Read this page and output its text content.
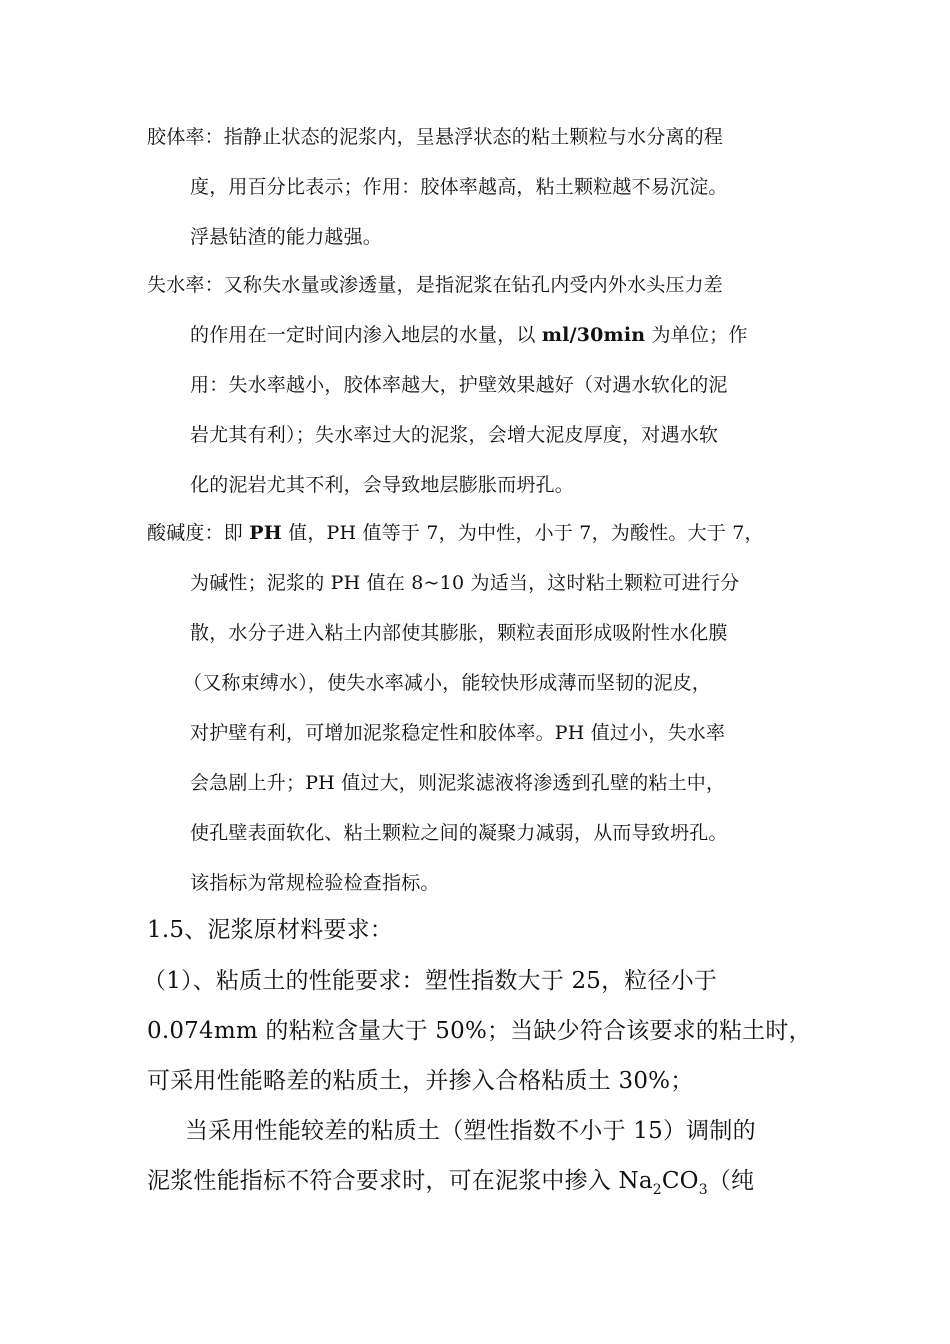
胶体率：指静止状态的泥浆内，呈悬浮状态的粘土颗粒与水分离的程
度，用百分比表示；作用：胶体率越高，粘土颗粒越不易沉淀。
浮悬钻渣的能力越强。
失水率：又称失水量或渗透量，是指泥浆在钻孔内受内外水头压力差
的作用在一定时间内渗入地层的水量，以 ml/30min 为单位；作
用：失水率越小，胶体率越大，护壁效果越好（对遇水软化的泥
岩尤其有利）；失水率过大的泥浆，会增大泥皮厚度，对遇水软
化的泥岩尤其不利，会导致地层膨胀而坍孔。
酸碱度：即 PH 值，PH 值等于 7，为中性，小于 7，为酸性。大于 7，
为碱性；泥浆的 PH 值在 8~10 为适当，这时粘土颗粒可进行分
散，水分子进入粘土内部使其膨胀，颗粒表面形成吸附性水化膜
（又称束缚水），使失水率减小，能较快形成薄而坚韧的泥皮，
对护壁有利，可增加泥浆稳定性和胶体率。PH 值过小，失水率
会急剧上升；PH 值过大，则泥浆滤液将渗透到孔壁的粘土中，
使孔壁表面软化、粘土颗粒之间的凝聚力减弱，从而导致坍孔。
该指标为常规检验检查指标。
1.5、泥浆原材料要求：
（1）、粘质土的性能要求：塑性指数大于 25，粒径小于
0.074mm 的粘粒含量大于 50%；当缺少符合该要求的粘土时，
可采用性能略差的粘质土，并掺入合格粘质土 30%；
当采用性能较差的粘质土（塑性指数不小于 15）调制的
泥浆性能指标不符合要求时，可在泥浆中掺入 $Na_2CO_3$（纯
